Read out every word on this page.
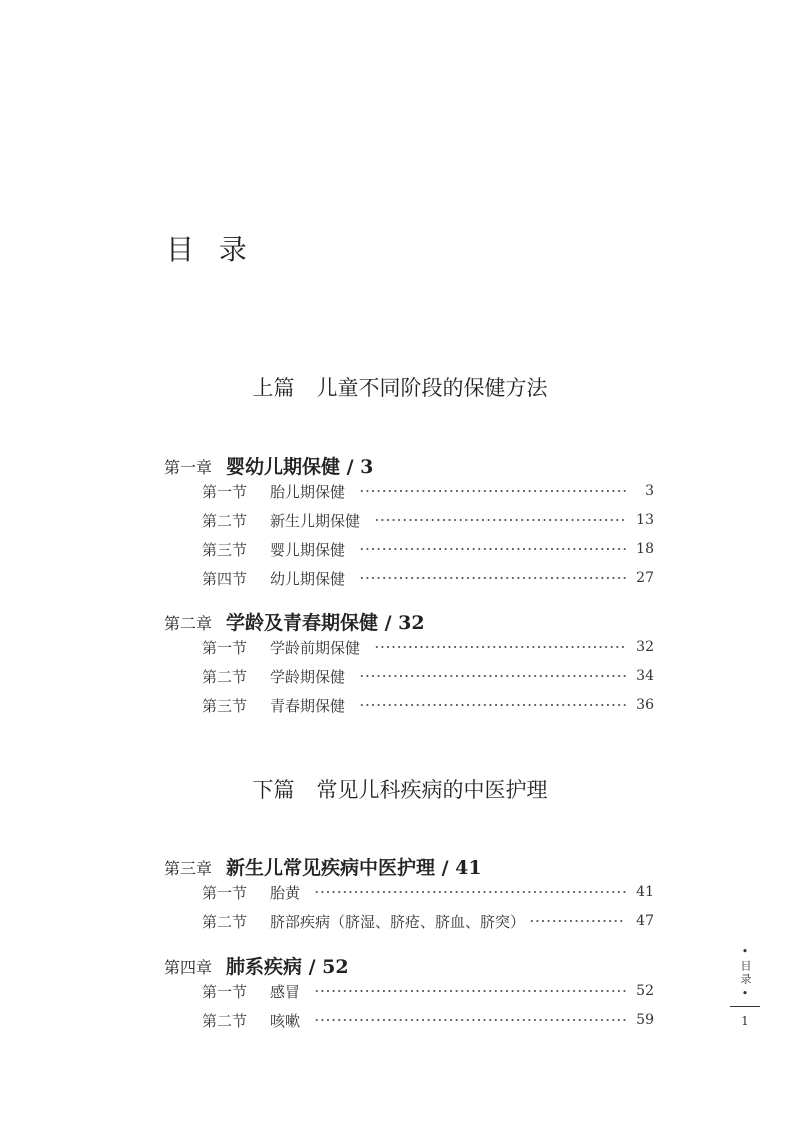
目 录
上篇 儿童不同阶段的保健方法
第一章 婴幼儿期保健 / 3
第一节	胎儿期保健	3
第二节	新生儿期保健	13
第三节	婴儿期保健	18
第四节	幼儿期保健	27
第二章 学龄及青春期保健 / 32
第一节	学龄前期保健	32
第二节	学龄期保健	34
第三节	青春期保健	36
下篇 常见儿科疾病的中医护理
第三章 新生儿常见疾病中医护理 / 41
第一节	胎黄	41
第二节	脐部疾病（脐湿、脐疮、脐血、脐突）	47
第四章 肺系疾病 / 52
第一节	感冒	52
第二节	咳嗽	59
•
目录
•
1
